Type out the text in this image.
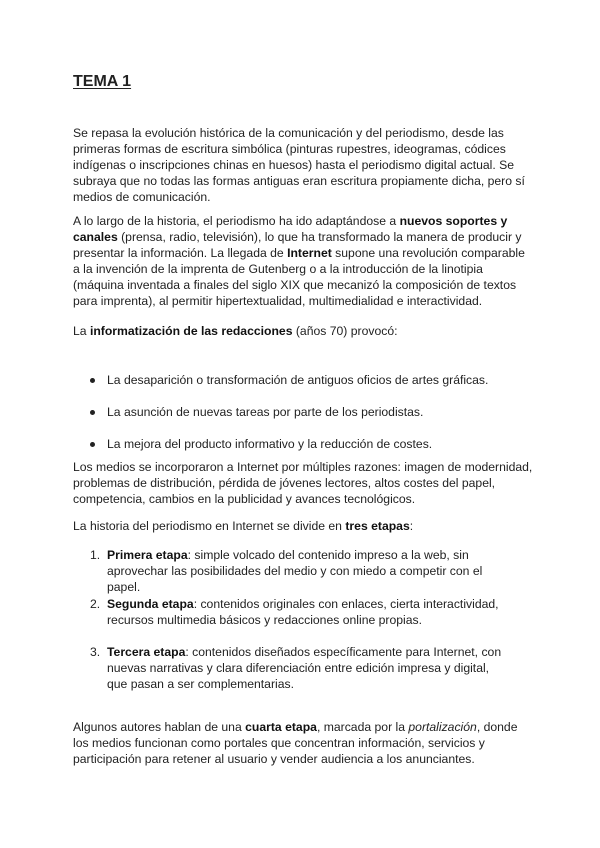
TEMA 1

Se repasa la evolución histórica de la comunicación y del periodismo, desde las primeras formas de escritura simbólica (pinturas rupestres, ideogramas, códices indígenas o inscripciones chinas en huesos) hasta el periodismo digital actual. Se subraya que no todas las formas antiguas eran escritura propiamente dicha, pero sí medios de comunicación.

A lo largo de la historia, el periodismo ha ido adaptándose a nuevos soportes y canales (prensa, radio, televisión), lo que ha transformado la manera de producir y presentar la información. La llegada de Internet supone una revolución comparable a la invención de la imprenta de Gutenberg o a la introducción de la linotipia (máquina inventada a finales del siglo XIX que mecanizó la composición de textos para imprenta), al permitir hipertextualidad, multimedialidad e interactividad.

La informatización de las redacciones (años 70) provocó:

La desaparición o transformación de antiguos oficios de artes gráficas.
La asunción de nuevas tareas por parte de los periodistas.
La mejora del producto informativo y la reducción de costes.

Los medios se incorporaron a Internet por múltiples razones: imagen de modernidad, problemas de distribución, pérdida de jóvenes lectores, altos costes del papel, competencia, cambios en la publicidad y avances tecnológicos.

La historia del periodismo en Internet se divide en tres etapas:

1. Primera etapa: simple volcado del contenido impreso a la web, sin aprovechar las posibilidades del medio y con miedo a competir con el papel.
2. Segunda etapa: contenidos originales con enlaces, cierta interactividad, recursos multimedia básicos y redacciones online propias.
3. Tercera etapa: contenidos diseñados específicamente para Internet, con nuevas narrativas y clara diferenciación entre edición impresa y digital, que pasan a ser complementarias.

Algunos autores hablan de una cuarta etapa, marcada por la portalización, donde los medios funcionan como portales que concentran información, servicios y participación para retener al usuario y vender audiencia a los anunciantes.
